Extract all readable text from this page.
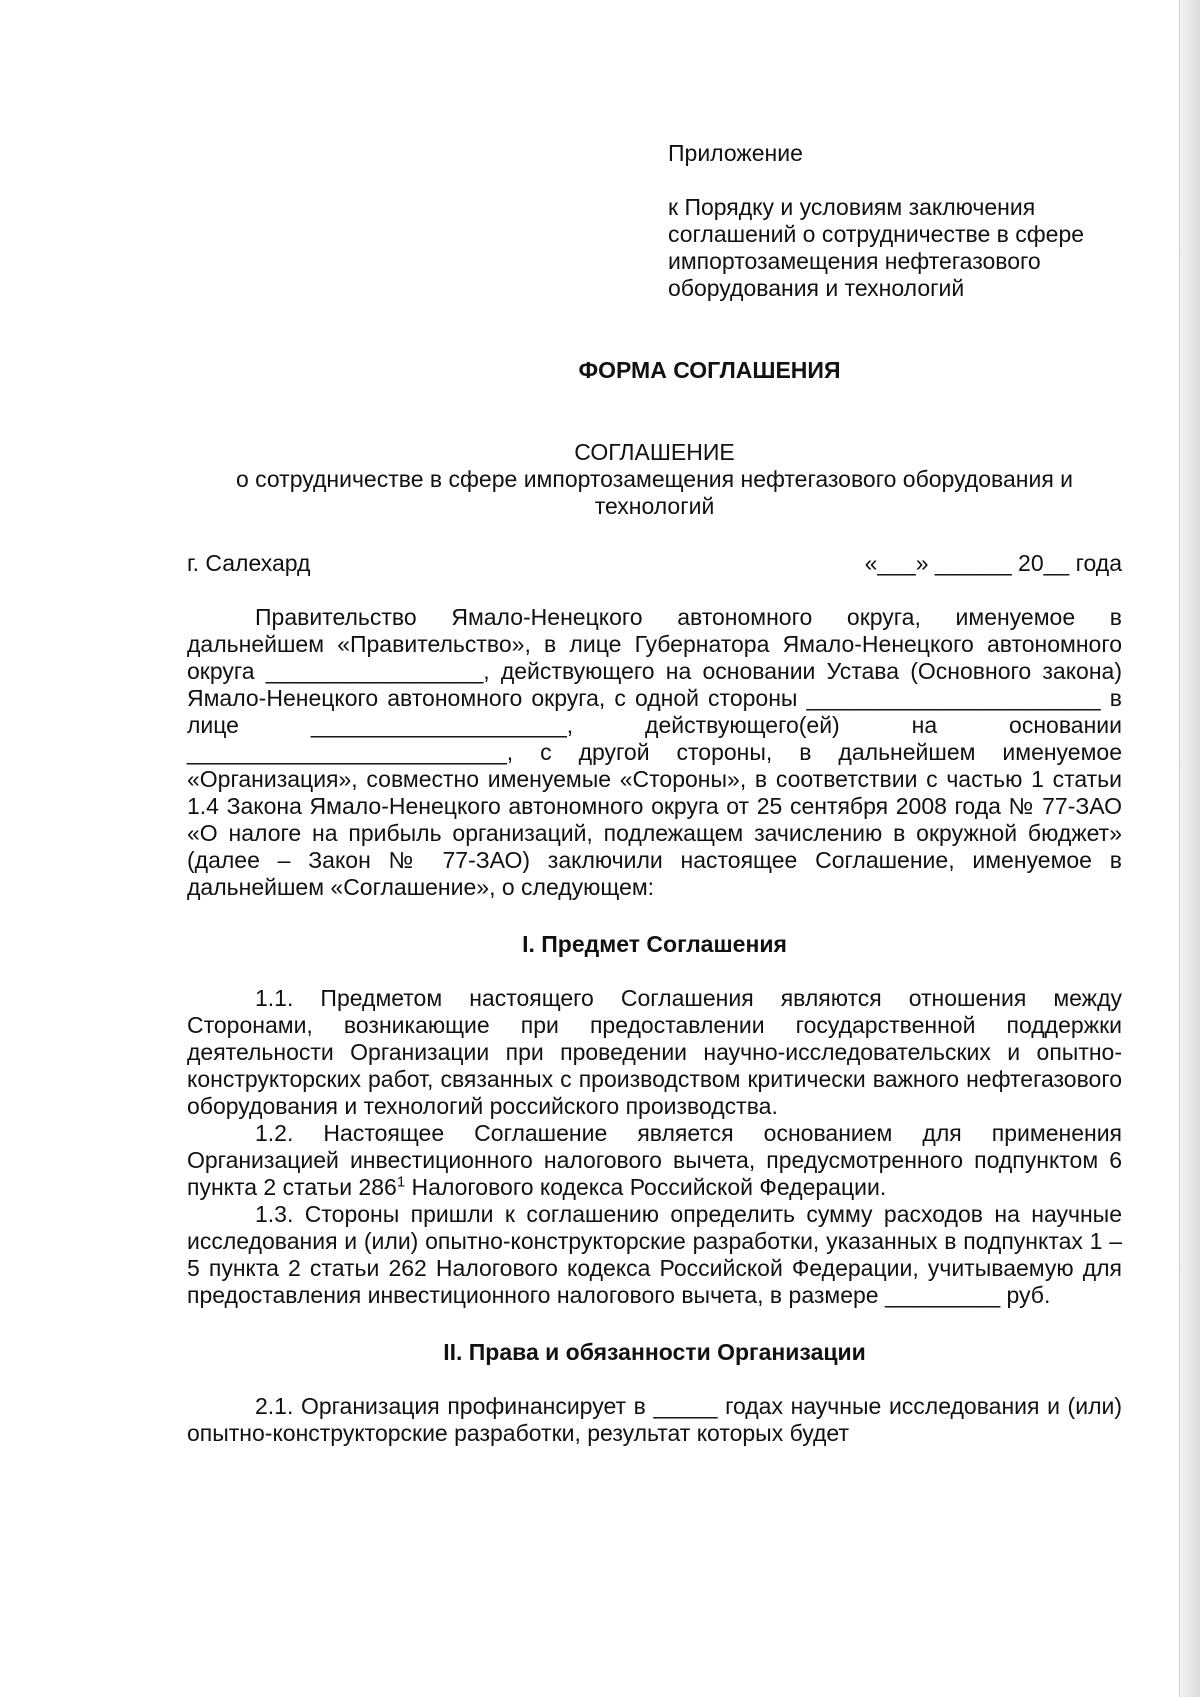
Приложение

к Порядку и условиям заключения соглашений о сотрудничестве в сфере импортозамещения нефтегазового оборудования и технологий

ФОРМА СОГЛАШЕНИЯ

СОГЛАШЕНИЕ

о сотрудничестве в сфере импортозамещения нефтегазового оборудования и технологий

г. Салехард	«___» ______ 20__ года

Правительство Ямало-Ненецкого автономного округа, именуемое в дальнейшем «Правительство», в лице Губернатора Ямало-Ненецкого автономного округа _________________, действующего на основании Устава (Основного закона) Ямало-Ненецкого автономного округа, с одной стороны _______________________ в лице ____________________, действующего(ей) на основании _________________________, с другой стороны, в дальнейшем именуемое «Организация», совместно именуемые «Стороны», в соответствии с частью 1 статьи 1.4 Закона Ямало-Ненецкого автономного округа от 25 сентября 2008 года № 77-ЗАО «О налоге на прибыль организаций, подлежащем зачислению в окружной бюджет» (далее – Закон № 77-ЗАО) заключили настоящее Соглашение, именуемое в дальнейшем «Соглашение», о следующем:

I. Предмет Соглашения

1.1. Предметом настоящего Соглашения являются отношения между Сторонами, возникающие при предоставлении государственной поддержки деятельности Организации при проведении научно-исследовательских и опытно-конструкторских работ, связанных с производством критически важного нефтегазового оборудования и технологий российского производства.

1.2. Настоящее Соглашение является основанием для применения Организацией инвестиционного налогового вычета, предусмотренного подпунктом 6 пункта 2 статьи $286^1$ Налогового кодекса Российской Федерации.

1.3. Стороны пришли к соглашению определить сумму расходов на научные исследования и (или) опытно-конструкторские разработки, указанных в подпунктах 1 – 5 пункта 2 статьи 262 Налогового кодекса Российской Федерации, учитываемую для предоставления инвестиционного налогового вычета, в размере _________ руб.

II. Права и обязанности Организации

2.1. Организация профинансирует в _____ годах научные исследования и (или) опытно-конструкторские разработки, результат которых будет
